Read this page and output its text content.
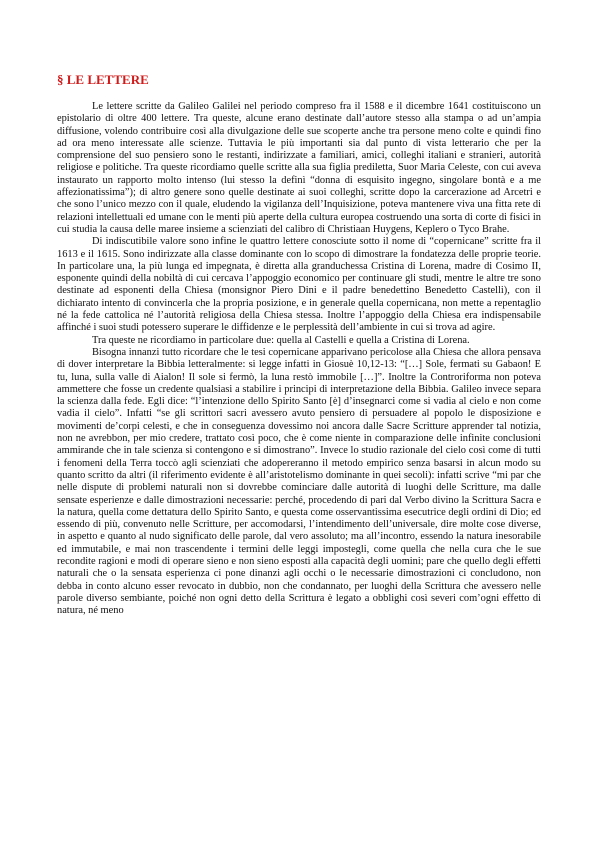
§ LE LETTERE

Le lettere scritte da Galileo Galilei nel periodo compreso fra il 1588 e il dicembre 1641 costituiscono un epistolario di oltre 400 lettere. Tra queste, alcune erano destinate dall’autore stesso alla stampa o ad un’ampia diffusione, volendo contribuire così alla divulgazione delle sue scoperte anche tra persone meno colte e quindi fino ad ora meno interessate alle scienze. Tuttavia le più importanti sia dal punto di vista letterario che per la comprensione del suo pensiero sono le restanti, indirizzate a familiari, amici, colleghi italiani e stranieri, autorità religiose e politiche. Tra queste ricordiamo quelle scritte alla sua figlia prediletta, Suor Maria Celeste, con cui aveva instaurato un rapporto molto intenso (lui stesso la definì “donna di esquisito ingegno, singolare bontà e a me affezionatissima”); di altro genere sono quelle destinate ai suoi colleghi, scritte dopo la carcerazione ad Arcetri e che sono l’unico mezzo con il quale, eludendo la vigilanza dell’Inquisizione, poteva mantenere viva una fitta rete di relazioni intellettuali ed umane con le menti più aperte della cultura europea costruendo una sorta di corte di fisici in cui studia la causa delle maree insieme a scienziati del calibro di Christiaan Huygens, Keplero o Tyco Brahe.

Di indiscutibile valore sono infine le quattro lettere conosciute sotto il nome di “copernicane” scritte fra il 1613 e il 1615. Sono indirizzate alla classe dominante con lo scopo di dimostrare la fondatezza delle proprie teorie. In particolare una, la più lunga ed impegnata, è diretta alla granduchessa Cristina di Lorena, madre di Cosimo II, esponente quindi della nobiltà di cui cercava l’appoggio economico per continuare gli studi, mentre le altre tre sono destinate ad esponenti della Chiesa (monsignor Piero Dini e il padre benedettino Benedetto Castelli), con il dichiarato intento di convincerla che la propria posizione, e in generale quella copernicana, non mette a repentaglio né la fede cattolica né l’autorità religiosa della Chiesa stessa. Inoltre l’appoggio della Chiesa era indispensabile affinché i suoi studi potessero superare le diffidenze e le perplessità dell’ambiente in cui si trova ad agire.

Tra queste ne ricordiamo in particolare due: quella al Castelli e quella a Cristina di Lorena.

Bisogna innanzi tutto ricordare che le tesi copernicane apparivano pericolose alla Chiesa che allora pensava di dover interpretare la Bibbia letteralmente: si legge infatti in Giosuè 10,12-13: “[…] Sole, fermati su Gabaon! E tu, luna, sulla valle di Aialon! Il sole si fermò, la luna restò immobile […]”. Inoltre la Controriforma non poteva ammettere che fosse un credente qualsiasi a stabilire i principi di interpretazione della Bibbia. Galileo invece separa la scienza dalla fede. Egli dice: “l’intenzione dello Spirito Santo [è] d’insegnarci come si vadia al cielo e non come vadia il cielo”. Infatti “se gli scrittori sacri avessero avuto pensiero di persuadere al popolo le disposizione e movimenti de’corpi celesti, e che in conseguenza dovessimo noi ancora dalle Sacre Scritture apprender tal notizia, non ne avrebbon, per mio credere, trattato così poco, che è come niente in comparazione delle infinite conclusioni ammirande che in tale scienza si contengono e si dimostrano”. Invece lo studio razionale del cielo così come di tutti i fenomeni della Terra toccò agli scienziati che adopereranno il metodo empirico senza basarsi in alcun modo su quanto scritto da altri (il riferimento evidente è all’aristotelismo dominante in quei secoli): infatti scrive “mi par che nelle dispute di problemi naturali non si dovrebbe cominciare dalle autorità di luoghi delle Scritture, ma dalle sensate esperienze e dalle dimostrazioni necessarie: perché, procedendo di pari dal Verbo divino la Scrittura Sacra e la natura, quella come dettatura dello Spirito Santo, e questa come osservantissima esecutrice degli ordini di Dio; ed essendo di più, convenuto nelle Scritture, per accomodarsi, l’intendimento dell’universale, dire molte cose diverse, in aspetto e quanto al nudo significato delle parole, dal vero assoluto; ma all’incontro, essendo la natura inesorabile ed immutabile, e mai non trascendente i termini delle leggi impostegli, come quella che nella cura che le sue recondite ragioni e modi di operare sieno e non sieno esposti alla capacità degli uomini; pare che quello degli effetti naturali che o la sensata esperienza ci pone dinanzi agli occhi o le necessarie dimostrazioni ci concludono, non debba in conto alcuno esser revocato in dubbio, non che condannato, per luoghi della Scrittura che avessero nelle parole diverso sembiante, poiché non ogni detto della Scrittura è legato a obblighi così severi com’ogni effetto di natura, né meno
